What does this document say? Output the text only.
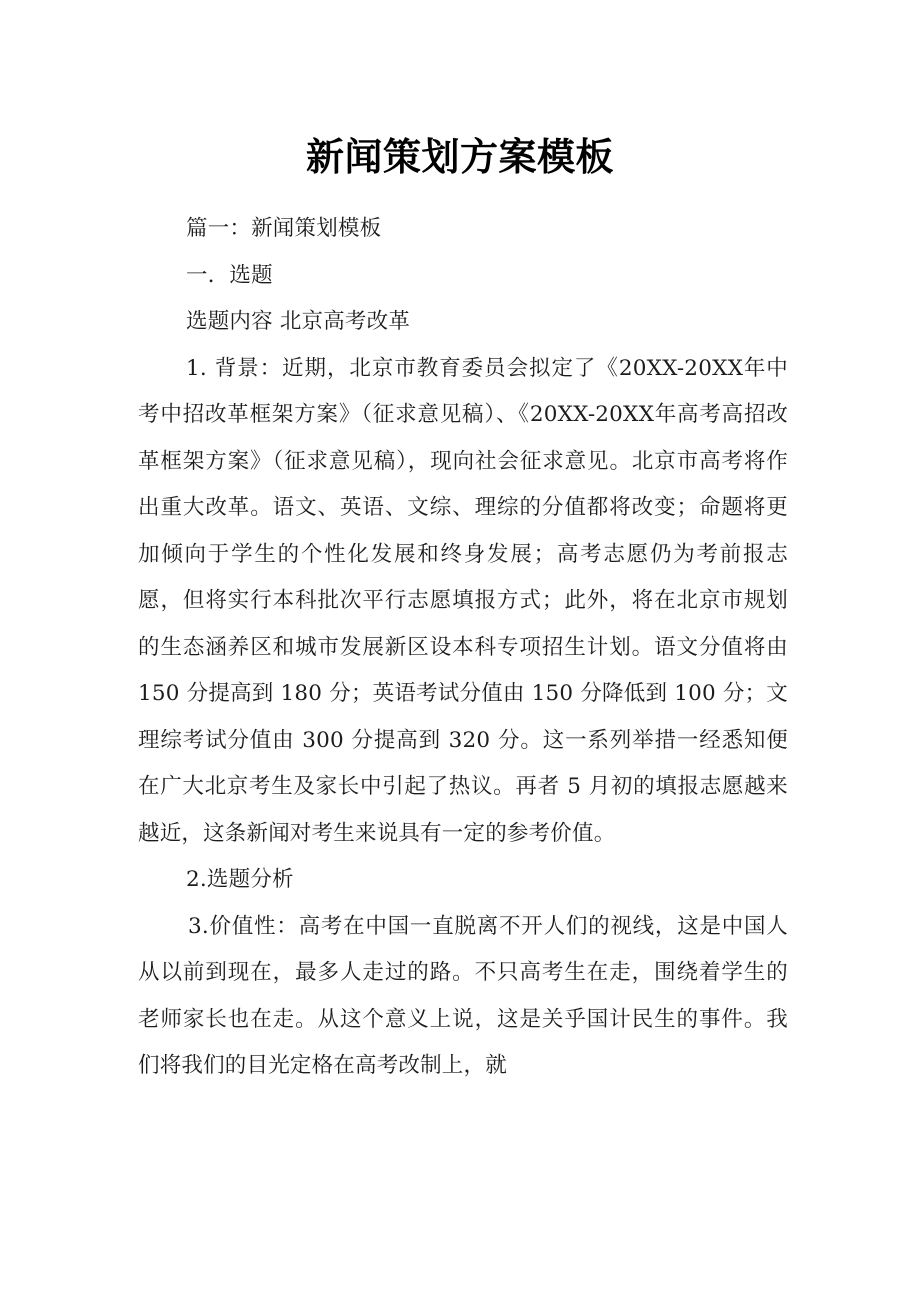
新闻策划方案模板

篇一：新闻策划模板

一．选题

选题内容 北京高考改革

1. 背景：近期，北京市教育委员会拟定了《20XX-20XX年中考中招改革框架方案》（征求意见稿）、《20XX-20XX年高考高招改革框架方案》（征求意见稿），现向社会征求意见。北京市高考将作出重大改革。语文、英语、文综、理综的分值都将改变；命题将更加倾向于学生的个性化发展和终身发展；高考志愿仍为考前报志愿，但将实行本科批次平行志愿填报方式；此外，将在北京市规划的生态涵养区和城市发展新区设本科专项招生计划。语文分值将由 150 分提高到 180 分；英语考试分值由 150 分降低到 100 分；文理综考试分值由 300 分提高到 320 分。这一系列举措一经悉知便在广大北京考生及家长中引起了热议。再者 5 月初的填报志愿越来越近，这条新闻对考生来说具有一定的参考价值。

2.选题分析

3.价值性：高考在中国一直脱离不开人们的视线，这是中国人从以前到现在，最多人走过的路。不只高考生在走，围绕着学生的老师家长也在走。从这个意义上说，这是关乎国计民生的事件。我们将我们的目光定格在高考改制上，就
